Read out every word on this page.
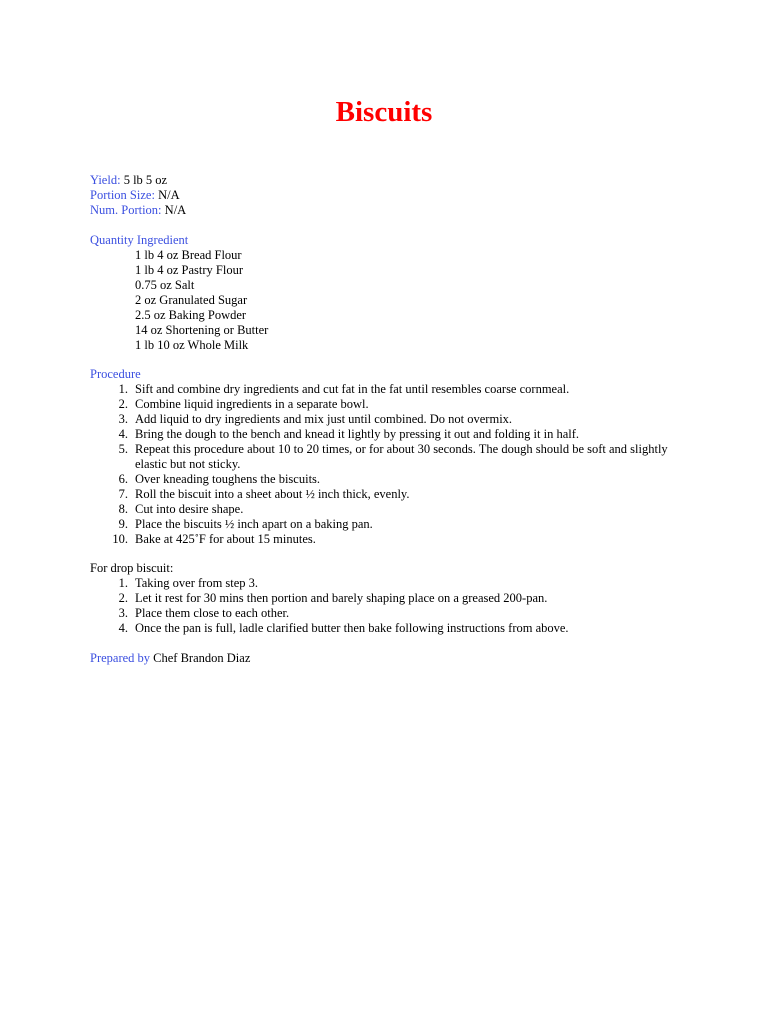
Biscuits
Yield: 5 lb 5 oz
Portion Size: N/A
Num. Portion: N/A
Quantity Ingredient
1 lb 4 oz Bread Flour
1 lb 4 oz Pastry Flour
0.75 oz Salt
2 oz Granulated Sugar
2.5 oz Baking Powder
14 oz Shortening or Butter
1 lb 10 oz Whole Milk
Procedure
1. Sift and combine dry ingredients and cut fat in the fat until resembles coarse cornmeal.
2. Combine liquid ingredients in a separate bowl.
3. Add liquid to dry ingredients and mix just until combined. Do not overmix.
4. Bring the dough to the bench and knead it lightly by pressing it out and folding it in half.
5. Repeat this procedure about 10 to 20 times, or for about 30 seconds. The dough should be soft and slightly elastic but not sticky.
6. Over kneading toughens the biscuits.
7. Roll the biscuit into a sheet about ½ inch thick, evenly.
8. Cut into desire shape.
9. Place the biscuits ½ inch apart on a baking pan.
10. Bake at 425˚F for about 15 minutes.
For drop biscuit:
1. Taking over from step 3.
2. Let it rest for 30 mins then portion and barely shaping place on a greased 200-pan.
3. Place them close to each other.
4. Once the pan is full, ladle clarified butter then bake following instructions from above.
Prepared by Chef Brandon Diaz
